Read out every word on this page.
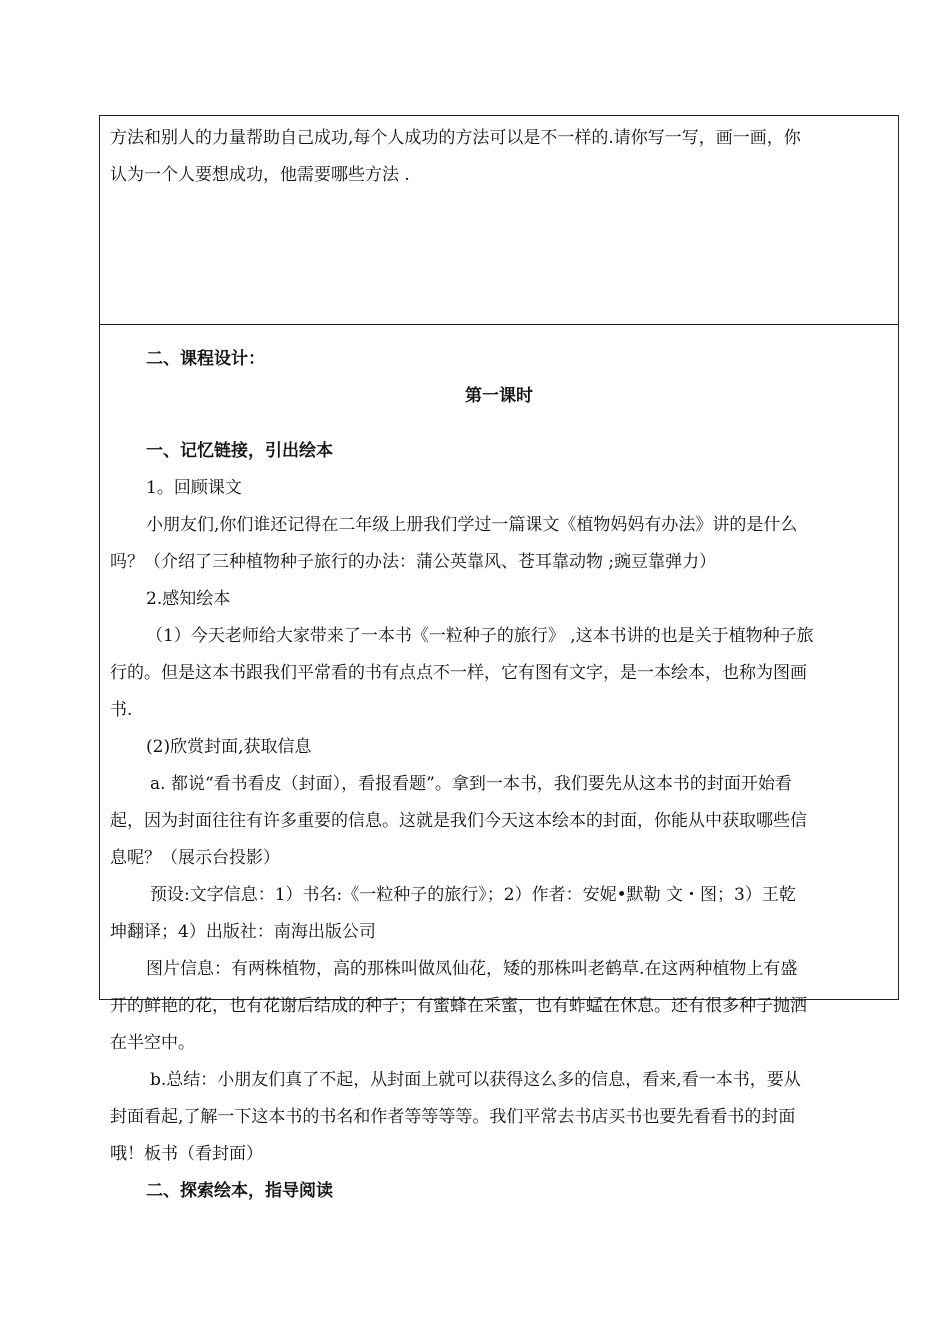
方法和别人的力量帮助自己成功,每个人成功的方法可以是不一样的.请你写一写，画一画，你
认为一个人要想成功，他需要哪些方法 .
二、课程设计：
第一课时
一、记忆链接，引出绘本
1。回顾课文
小朋友们,你们谁还记得在二年级上册我们学过一篇课文《植物妈妈有办法》讲的是什么
吗？（介绍了三种植物种子旅行的办法：蒲公英靠风、苍耳靠动物 ;豌豆靠弹力）
2.感知绘本
（1）今天老师给大家带来了一本书《一粒种子的旅行》 ,这本书讲的也是关于植物种子旅
行的。但是这本书跟我们平常看的书有点点不一样，它有图有文字，是一本绘本，也称为图画
书.
(2)欣赏封面,获取信息
a. 都说“看书看皮（封面），看报看题”。拿到一本书，我们要先从这本书的封面开始看
起，因为封面往往有许多重要的信息。这就是我们今天这本绘本的封面，你能从中获取哪些信
息呢？（展示台投影）
预设:文字信息：1）书名:《一粒种子的旅行》；2）作者：安妮•默勒 文・图；3）王乾
坤翻译；4）出版社：南海出版公司
图片信息：有两株植物，高的那株叫做凤仙花，矮的那株叫老鹤草.在这两种植物上有盛
开的鲜艳的花，也有花谢后结成的种子；有蜜蜂在采蜜，也有蚱蜢在休息。还有很多种子抛洒
在半空中。
b.总结：小朋友们真了不起，从封面上就可以获得这么多的信息，看来,看一本书，要从
封面看起,了解一下这本书的书名和作者等等等等。我们平常去书店买书也要先看看书的封面
哦！板书（看封面）
二、探索绘本，指导阅读
